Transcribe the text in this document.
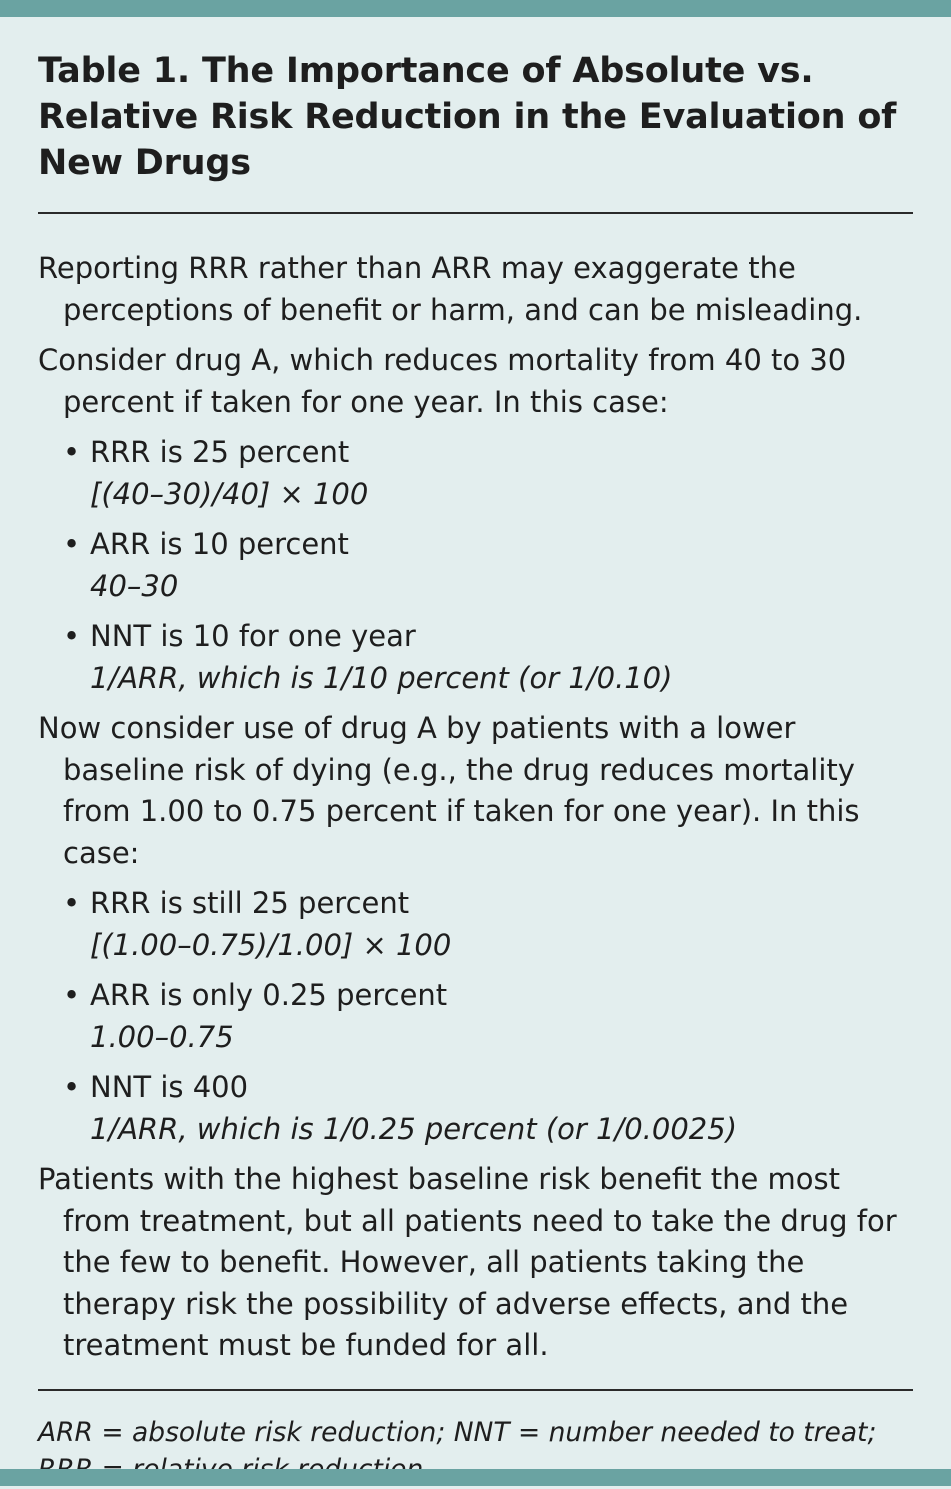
Table 1. The Importance of Absolute vs. Relative Risk Reduction in the Evaluation of New Drugs

Reporting RRR rather than ARR may exaggerate the perceptions of benefit or harm, and can be misleading.

Consider drug A, which reduces mortality from 40 to 30 percent if taken for one year. In this case:

• RRR is 25 percent
[(40–30)/40] × 100
• ARR is 10 percent
40–30
• NNT is 10 for one year
1/ARR, which is 1/10 percent (or 1/0.10)

Now consider use of drug A by patients with a lower baseline risk of dying (e.g., the drug reduces mortality from 1.00 to 0.75 percent if taken for one year). In this case:

• RRR is still 25 percent
[(1.00–0.75)/1.00] × 100
• ARR is only 0.25 percent
1.00–0.75
• NNT is 400
1/ARR, which is 1/0.25 percent (or 1/0.0025)

Patients with the highest baseline risk benefit the most from treatment, but all patients need to take the drug for the few to benefit. However, all patients taking the therapy risk the possibility of adverse effects, and the treatment must be funded for all.

ARR = absolute risk reduction; NNT = number needed to treat;
